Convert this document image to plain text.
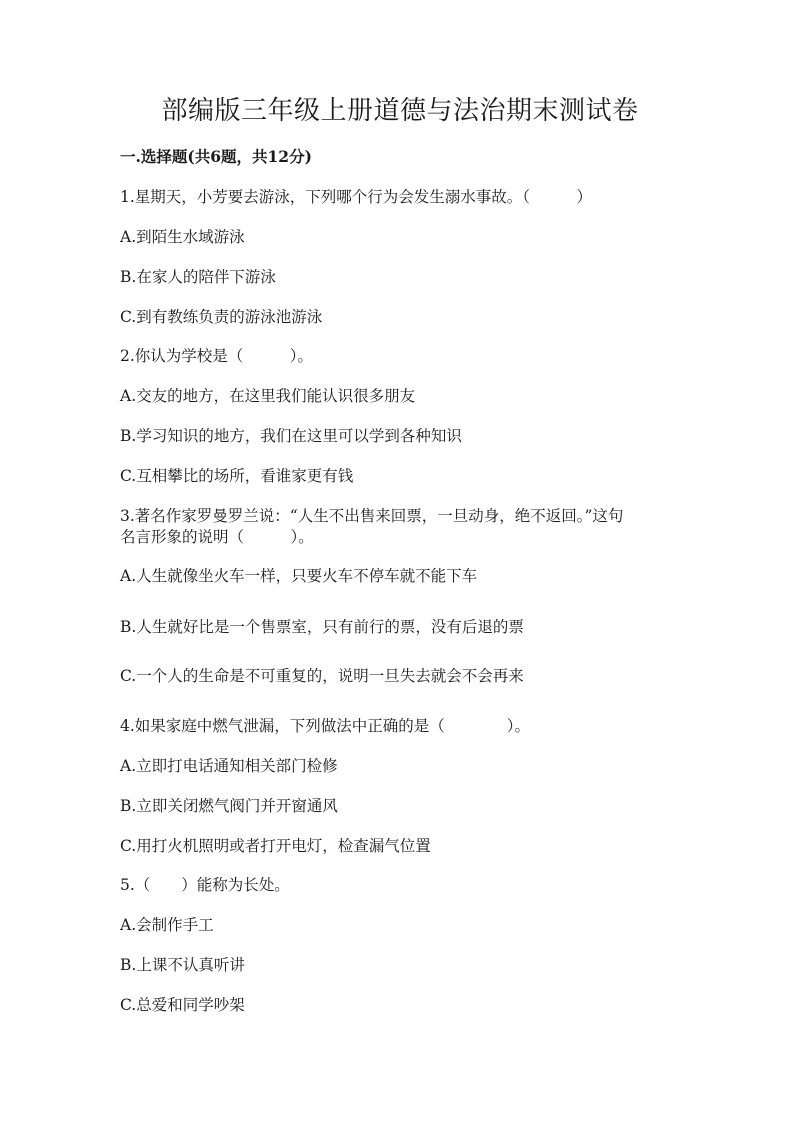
部编版三年级上册道德与法治期末测试卷

一.选择题(共6题，共12分)

1.星期天，小芳要去游泳，下列哪个行为会发生溺水事故。（　　　）

A.到陌生水域游泳

B.在家人的陪伴下游泳

C.到有教练负责的游泳池游泳

2.你认为学校是（　　　）。

A.交友的地方，在这里我们能认识很多朋友

B.学习知识的地方，我们在这里可以学到各种知识

C.互相攀比的场所，看谁家更有钱

3.著名作家罗曼罗兰说：“人生不出售来回票，一旦动身，绝不返回。”这句

名言形象的说明（　　　）。

A.人生就像坐火车一样，只要火车不停车就不能下车

B.人生就好比是一个售票室，只有前行的票，没有后退的票

C.一个人的生命是不可重复的，说明一旦失去就会不会再来

4.如果家庭中燃气泄漏，下列做法中正确的是（　　　　）。

A.立即打电话通知相关部门检修

B.立即关闭燃气阀门并开窗通风

C.用打火机照明或者打开电灯，检查漏气位置

5.（　　）能称为长处。

A.会制作手工

B.上课不认真听讲

C.总爱和同学吵架
